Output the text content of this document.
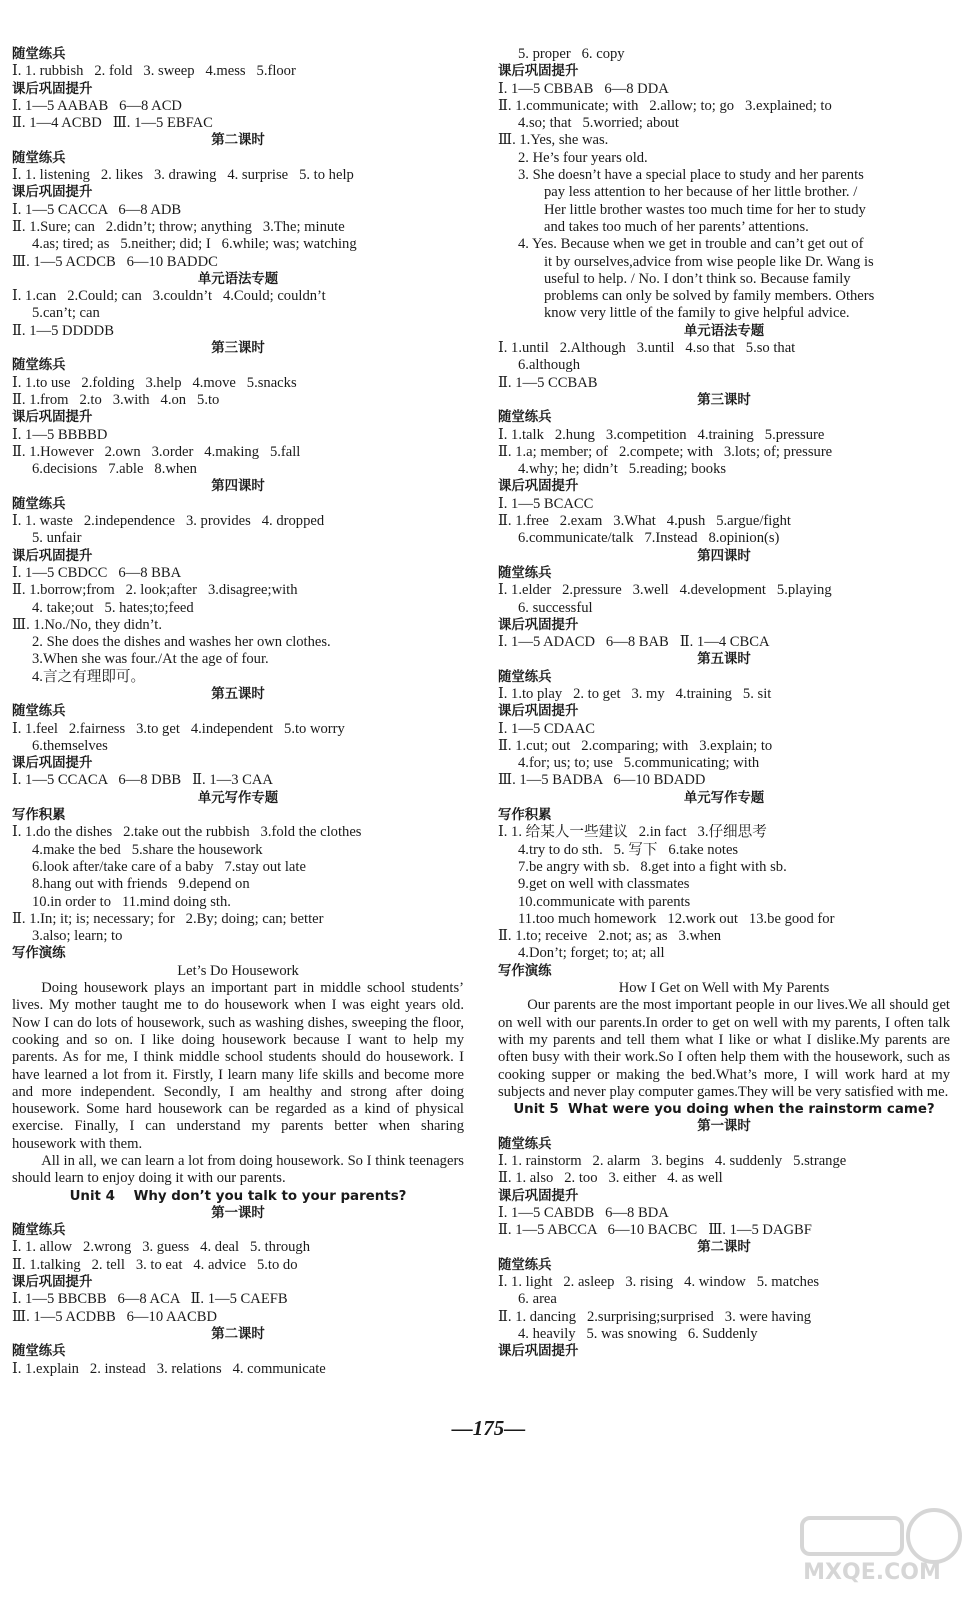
随堂练兵
Ⅰ. 1. rubbish   2. fold   3. sweep   4.mess   5.floor
课后巩固提升
Ⅰ. 1—5 AABAB   6—8 ACD
Ⅱ. 1—4 ACBD   Ⅲ. 1—5 EBFAC
第二课时
随堂练兵
Ⅰ. 1. listening   2. likes   3. drawing   4. surprise   5. to help
课后巩固提升
Ⅰ. 1—5 CACCA   6—8 ADB
Ⅱ. 1.Sure; can   2.didn’t; throw; anything   3.The; minute
4.as; tired; as   5.neither; did; I   6.while; was; watching
Ⅲ. 1—5 ACDCB   6—10 BADDC
单元语法专题
Ⅰ. 1.can   2.Could; can   3.couldn’t   4.Could; couldn’t
5.can’t; can
Ⅱ. 1—5 DDDDB
第三课时
随堂练兵
Ⅰ. 1.to use   2.folding   3.help   4.move   5.snacks
Ⅱ. 1.from   2.to   3.with   4.on   5.to
课后巩固提升
Ⅰ. 1—5 BBBBD
Ⅱ. 1.However   2.own   3.order   4.making   5.fall
6.decisions   7.able   8.when
第四课时
随堂练兵
Ⅰ. 1. waste   2.independence   3. provides   4. dropped
5. unfair
课后巩固提升
Ⅰ. 1—5 CBDCC   6—8 BBA
Ⅱ. 1.borrow;from   2. look;after   3.disagree;with
4. take;out   5. hates;to;feed
Ⅲ. 1.No./No, they didn’t.
2. She does the dishes and washes her own clothes.
3.When she was four./At the age of four.
4.言之有理即可。
第五课时
随堂练兵
Ⅰ. 1.feel   2.fairness   3.to get   4.independent   5.to worry
6.themselves
课后巩固提升
Ⅰ. 1—5 CCACA   6—8 DBB   Ⅱ. 1—3 CAA
单元写作专题
写作积累
Ⅰ. 1.do the dishes   2.take out the rubbish   3.fold the clothes
4.make the bed   5.share the housework
6.look after/take care of a baby   7.stay out late
8.hang out with friends   9.depend on
10.in order to   11.mind doing sth.
Ⅱ. 1.In; it; is; necessary; for   2.By; doing; can; better
3.also; learn; to
写作演练
Let’s Do Housework
Doing housework plays an important part in middle school students’ lives. My mother taught me to do housework when I was eight years old. Now I can do lots of housework, such as washing dishes, sweeping the floor, cooking and so on. I like doing housework because I want to help my parents. As for me, I think middle school students should do housework. I have learned a lot from it. Firstly, I learn many life skills and become more and more independent. Secondly, I am healthy and strong after doing housework. Some hard housework can be regarded as a kind of physical exercise. Finally, I can understand my parents better when sharing housework with them.
All in all, we can learn a lot from doing housework. So I think teenagers should learn to enjoy doing it with our parents.
Unit 4    Why don’t you talk to your parents?
第一课时
随堂练兵
Ⅰ. 1. allow   2.wrong   3. guess   4. deal   5. through
Ⅱ. 1.talking   2. tell   3. to eat   4. advice   5.to do
课后巩固提升
Ⅰ. 1—5 BBCBB   6—8 ACA   Ⅱ. 1—5 CAEFB
Ⅲ. 1—5 ACDBB   6—10 AACBD
第二课时
随堂练兵
Ⅰ. 1.explain   2. instead   3. relations   4. communicate
5. proper   6. copy
课后巩固提升
Ⅰ. 1—5 CBBAB   6—8 DDA
Ⅱ. 1.communicate; with   2.allow; to; go   3.explained; to
4.so; that   5.worried; about
Ⅲ. 1.Yes, she was.
2. He’s four years old.
3. She doesn’t have a special place to study and her parents
pay less attention to her because of her little brother. /
Her little brother wastes too much time for her to study
and takes too much of her parents’ attentions.
4. Yes. Because when we get in trouble and can’t get out of
it by ourselves,advice from wise people like Dr. Wang is
useful to help. / No. I don’t think so. Because family
problems can only be solved by family members. Others
know very little of the family to give helpful advice.
单元语法专题
Ⅰ. 1.until   2.Although   3.until   4.so that   5.so that
6.although
Ⅱ. 1—5 CCBAB
第三课时
随堂练兵
Ⅰ. 1.talk   2.hung   3.competition   4.training   5.pressure
Ⅱ. 1.a; member; of   2.compete; with   3.lots; of; pressure
4.why; he; didn’t   5.reading; books
课后巩固提升
Ⅰ. 1—5 BCACC
Ⅱ. 1.free   2.exam   3.What   4.push   5.argue/fight
6.communicate/talk   7.Instead   8.opinion(s)
第四课时
随堂练兵
Ⅰ. 1.elder   2.pressure   3.well   4.development   5.playing
6. successful
课后巩固提升
Ⅰ. 1—5 ADACD   6—8 BAB   Ⅱ. 1—4 CBCA
第五课时
随堂练兵
Ⅰ. 1.to play   2. to get   3. my   4.training   5. sit
课后巩固提升
Ⅰ. 1—5 CDAAC
Ⅱ. 1.cut; out   2.comparing; with   3.explain; to
4.for; us; to; use   5.communicating; with
Ⅲ. 1—5 BADBA   6—10 BDADD
单元写作专题
写作积累
Ⅰ. 1. 给某人一些建议   2.in fact   3.仔细思考
4.try to do sth.   5. 写下   6.take notes
7.be angry with sb.   8.get into a fight with sb.
9.get on well with classmates
10.communicate with parents
11.too much homework   12.work out   13.be good for
Ⅱ. 1.to; receive   2.not; as; as   3.when
4.Don’t; forget; to; at; all
写作演练
How I Get on Well with My Parents
Our parents are the most important people in our lives.We all should get on well with our parents.In order to get on well with my parents, I often talk with my parents and tell them what I like or what I dislike.My parents are often busy with their work.So I often help them with the housework, such as cooking supper or making the bed.What’s more, I will work hard at my subjects and never play computer games.They will be very satisfied with me.
Unit 5  What were you doing when the rainstorm came?
第一课时
随堂练兵
Ⅰ. 1. rainstorm   2. alarm   3. begins   4. suddenly   5.strange
Ⅱ. 1. also   2. too   3. either   4. as well
课后巩固提升
Ⅰ. 1—5 CABDB   6—8 BDA
Ⅱ. 1—5 ABCCA   6—10 BACBC   Ⅲ. 1—5 DAGBF
第二课时
随堂练兵
Ⅰ. 1. light   2. asleep   3. rising   4. window   5. matches
6. area
Ⅱ. 1. dancing   2.surprising;surprised   3. were having
4. heavily   5. was snowing   6. Suddenly
课后巩固提升
—175—
MXQE.COM
